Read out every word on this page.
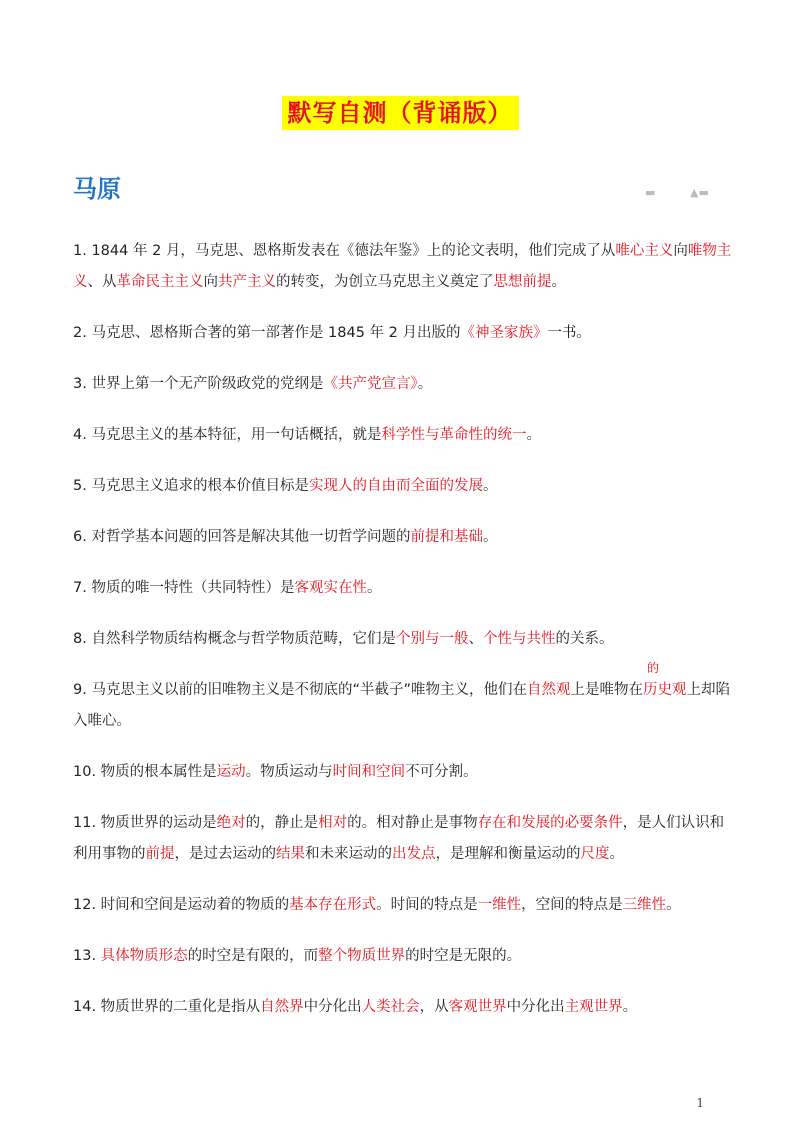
默写自测（背诵版）
马原	▬	▲▬
1. 1844 年 2 月，马克思、恩格斯发表在《德法年鉴》上的论文表明，他们完成了从唯心主义向唯物主义、从革命民主主义向共产主义的转变，为创立马克思主义奠定了思想前提。
2. 马克思、恩格斯合著的第一部著作是 1845 年 2 月出版的《神圣家族》一书。
3. 世界上第一个无产阶级政党的党纲是《共产党宣言》。
4. 马克思主义的基本特征，用一句话概括，就是科学性与革命性的统一。
5. 马克思主义追求的根本价值目标是实现人的自由而全面的发展。
6. 对哲学基本问题的回答是解决其他一切哲学问题的前提和基础。
7. 物质的唯一特性（共同特性）是客观实在性。
8. 自然科学物质结构概念与哲学物质范畴，它们是个别与一般、个性与共性的关系。
9. 马克思主义以前的旧唯物主义是不彻底的“半截子”唯物主义，他们在自然观上是唯物在历
的
史观上却陷入唯心。
10. 物质的根本属性是运动。物质运动与时间和空间不可分割。
11. 物质世界的运动是绝对的，静止是相对的。相对静止是事物存在和发展的必要条件，是人们认识和利用事物的前提，是过去运动的结果和未来运动的出发点，是理解和衡量运动的尺度。
12. 时间和空间是运动着的物质的基本存在形式。时间的特点是一维性，空间的特点是三维性。
13. 具体物质形态的时空是有限的，而整个物质世界的时空是无限的。
14. 物质世界的二重化是指从自然界中分化出人类社会，从客观世界中分化出主观世界。
1
